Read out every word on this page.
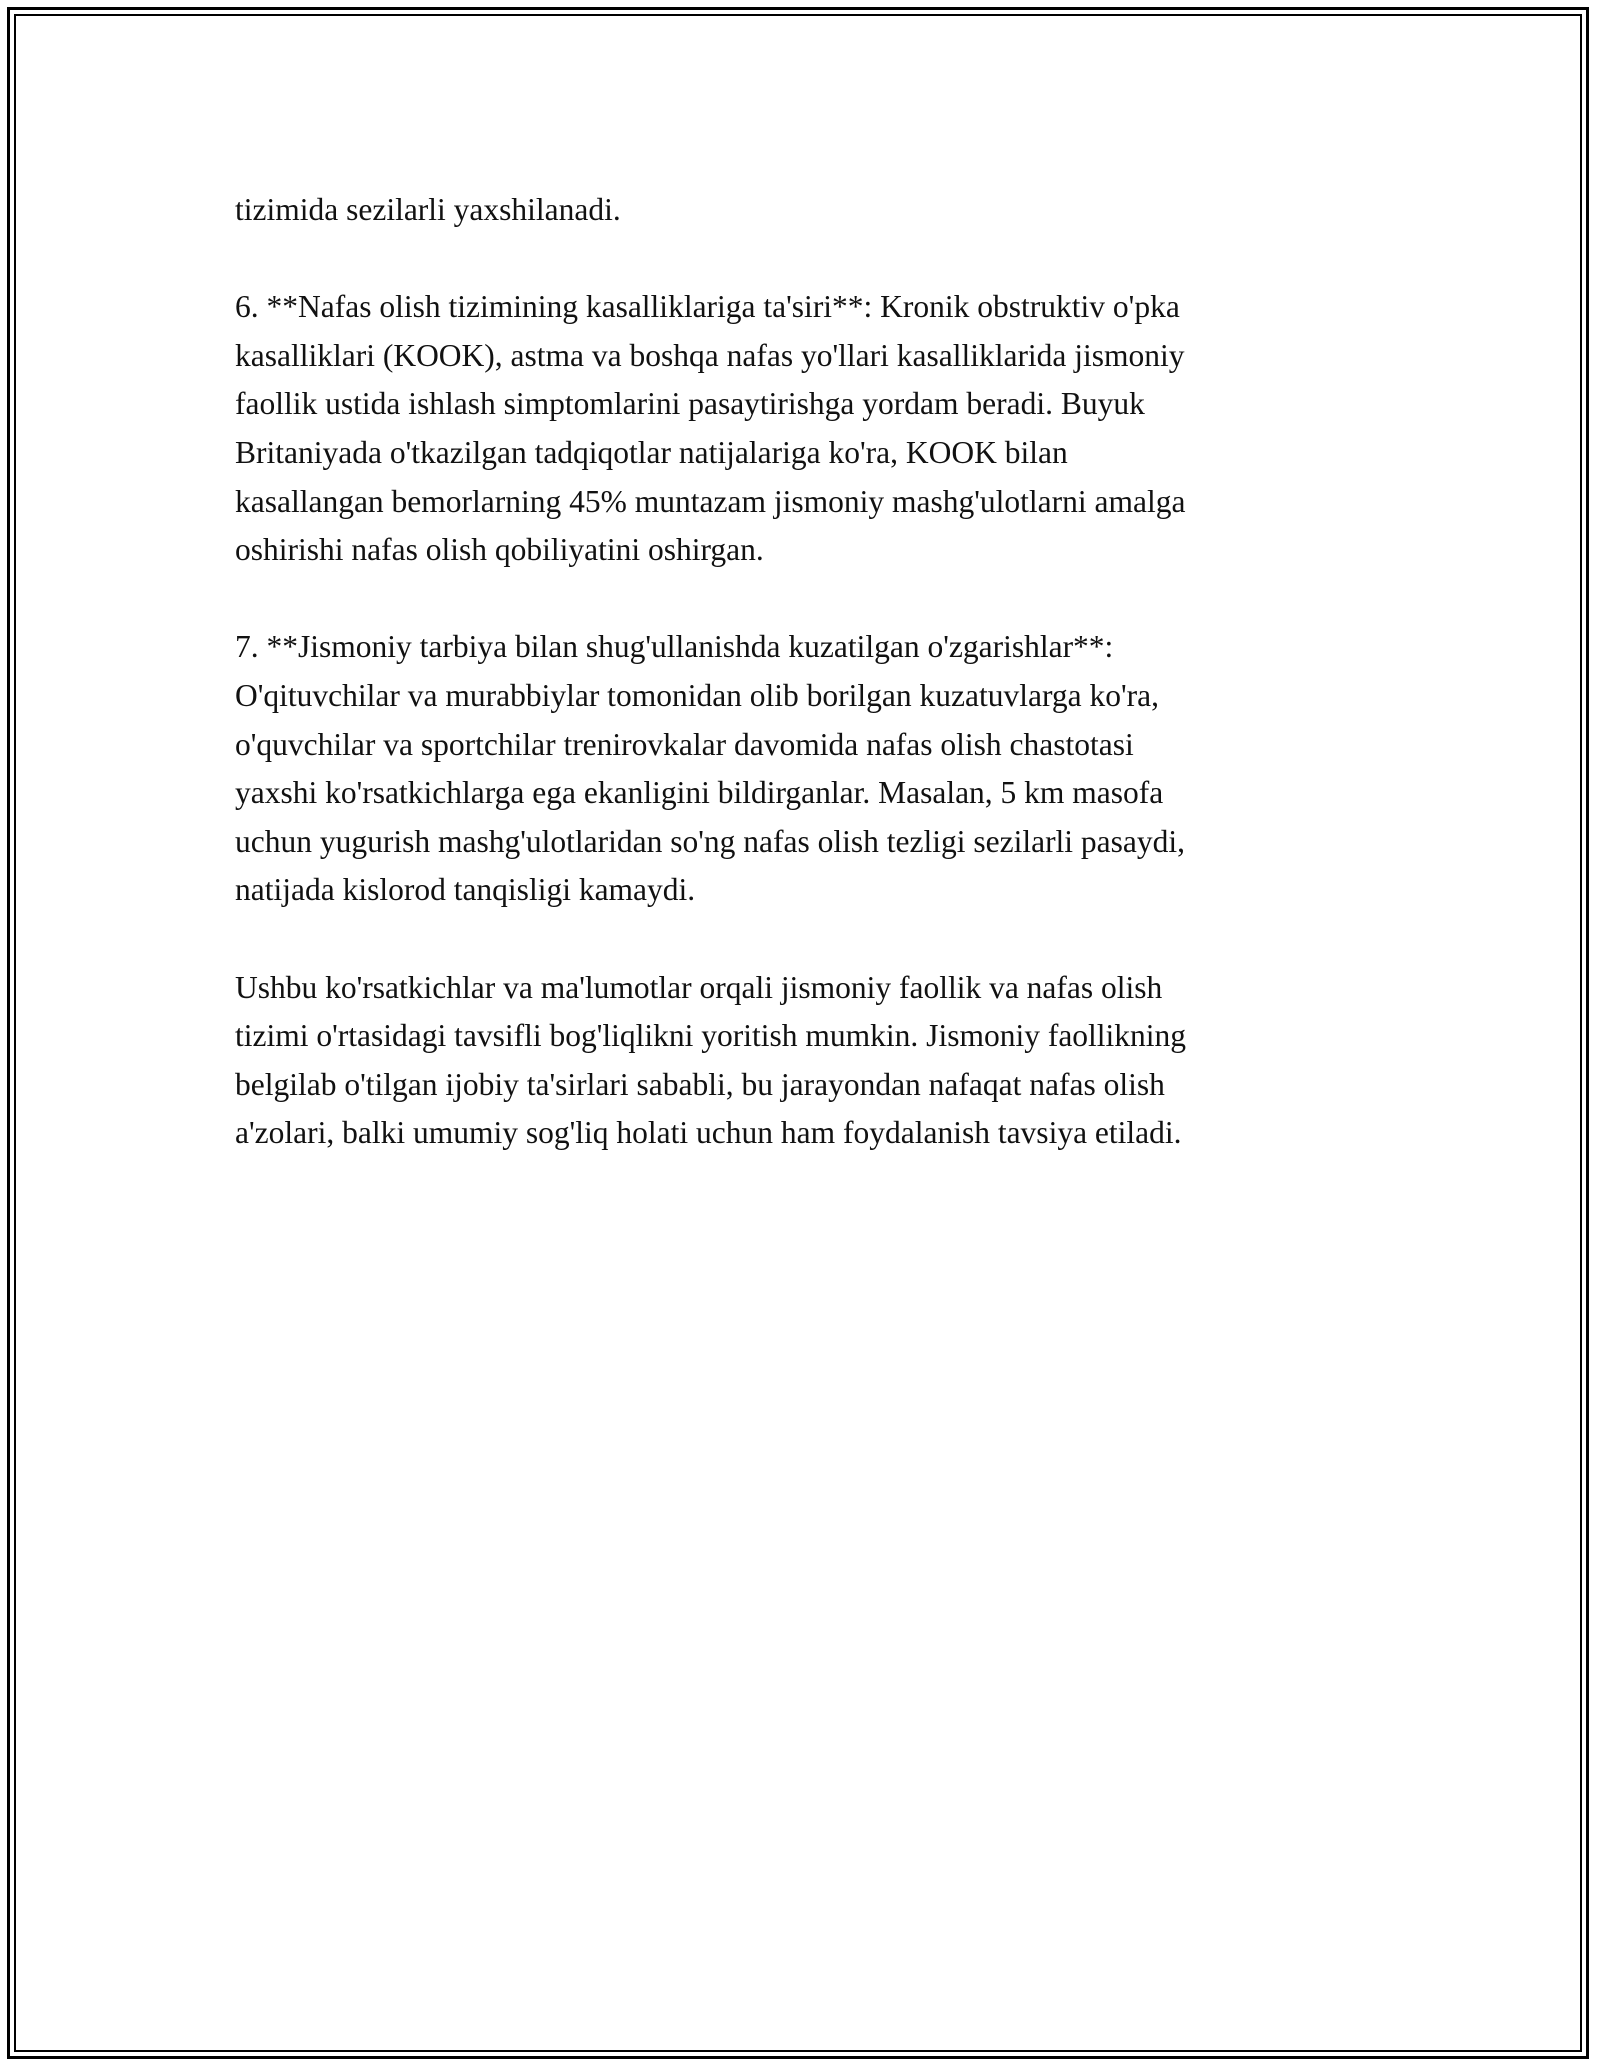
tizimida sezilarli yaxshilanadi.
6. **Nafas olish tizimining kasalliklariga ta'siri**: Kronik obstruktiv o'pka
kasalliklari (KOOK), astma va boshqa nafas yo'llari kasalliklarida jismoniy
faollik ustida ishlash simptomlarini pasaytirishga yordam beradi. Buyuk
Britaniyada o'tkazilgan tadqiqotlar natijalariga ko'ra, KOOK bilan
kasallangan bemorlarning 45% muntazam jismoniy mashg'ulotlarni amalga
oshirishi nafas olish qobiliyatini oshirgan.
7. **Jismoniy tarbiya bilan shug'ullanishda kuzatilgan o'zgarishlar**:
O'qituvchilar va murabbiylar tomonidan olib borilgan kuzatuvlarga ko'ra,
o'quvchilar va sportchilar trenirovkalar davomida nafas olish chastotasi
yaxshi ko'rsatkichlarga ega ekanligini bildirganlar. Masalan, 5 km masofa
uchun yugurish mashg'ulotlaridan so'ng nafas olish tezligi sezilarli pasaydi,
natijada kislorod tanqisligi kamaydi.
Ushbu ko'rsatkichlar va ma'lumotlar orqali jismoniy faollik va nafas olish
tizimi o'rtasidagi tavsifli bog'liqlikni yoritish mumkin. Jismoniy faollikning
belgilab o'tilgan ijobiy ta'sirlari sababli, bu jarayondan nafaqat nafas olish
a'zolari, balki umumiy sog'liq holati uchun ham foydalanish tavsiya etiladi.
